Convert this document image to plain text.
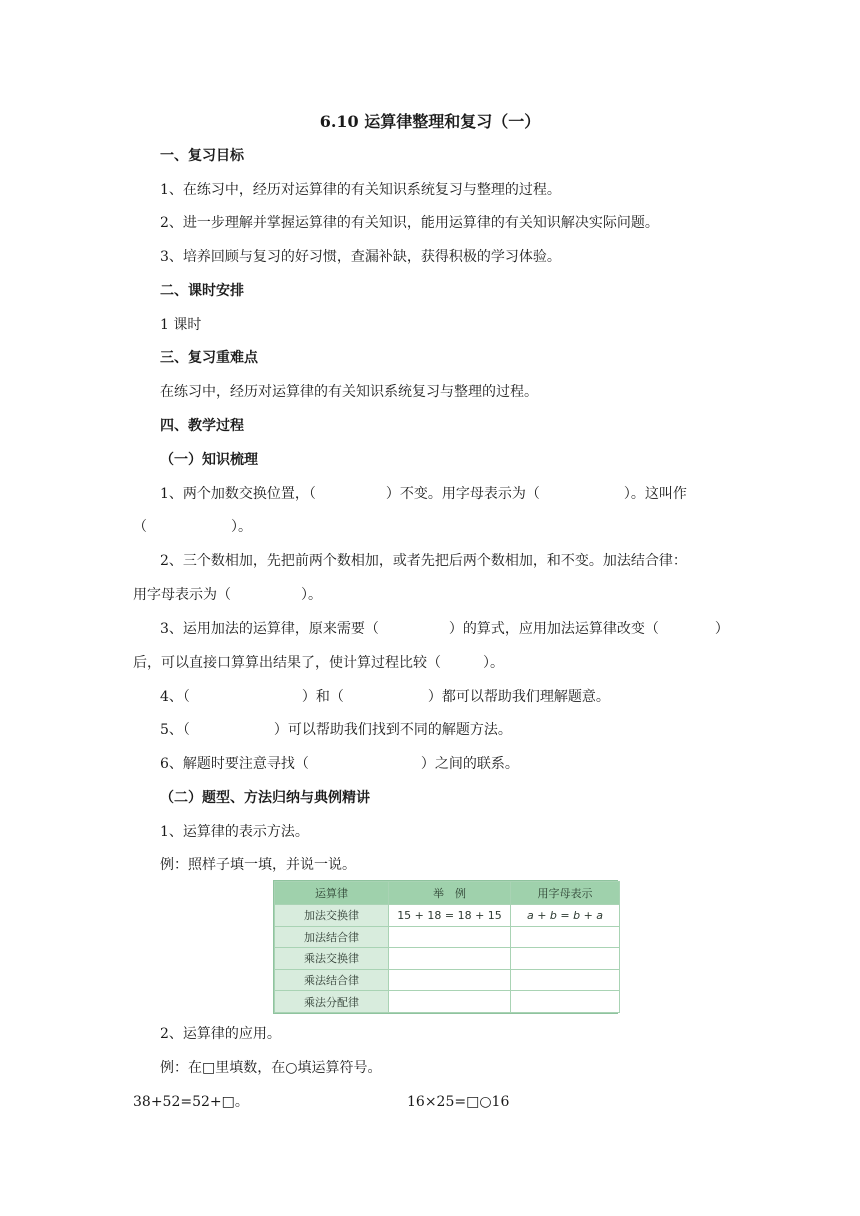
6.10 运算律整理和复习（一）
一、复习目标
1、在练习中，经历对运算律的有关知识系统复习与整理的过程。
2、进一步理解并掌握运算律的有关知识，能用运算律的有关知识解决实际问题。
3、培养回顾与复习的好习惯，查漏补缺，获得积极的学习体验。
二、课时安排
1 课时
三、复习重难点
在练习中，经历对运算律的有关知识系统复习与整理的过程。
四、教学过程
（一）知识梳理
1、两个加数交换位置，（　　　　　）不变。用字母表示为（　　　　　　）。这叫作
（　　　　　　）。
2、三个数相加，先把前两个数相加，或者先把后两个数相加，和不变。加法结合律：
用字母表示为（　　　　　）。
3、运用加法的运算律，原来需要（　　　　　）的算式，应用加法运算律改变（　　　　）
后，可以直接口算算出结果了，使计算过程比较（　　　）。
4、（　　　　　　　　）和（　　　　　　）都可以帮助我们理解题意。
5、（　　　　　　）可以帮助我们找到不同的解题方法。
6、解题时要注意寻找（　　　　　　　　）之间的联系。
（二）题型、方法归纳与典例精讲
1、运算律的表示方法。
例：照样子填一填，并说一说。
运算律	举　例	用字母表示
加法交换律	15 + 18 = 18 + 15	a + b = b + a
加法结合律		
乘法交换律		
乘法结合律		
乘法分配律		
2、运算律的应用。
例：在□里填数，在○填运算符号。
38+52=52+□。	16×25=□○16
